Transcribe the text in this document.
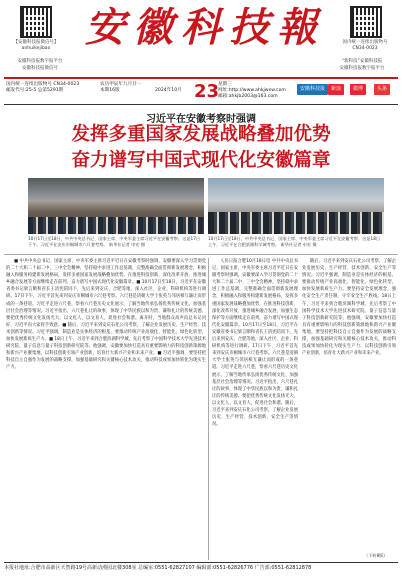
【安徽科技报微信号】
anhuikejibao
安徽科技报数字报平台
安徽科技报微信号
国内统一连续出版物号
CN34-0023
“新科技”安徽科技报
安徽科技报数字报平台
安徽科技報
国内统一连续出版物号 CN34-0023
邮发代号:25-5 总第5291期
农历甲辰年九月廿一
本期16版	2024年10月 23
星期三
网址:http://www.ahkjwxw.com
邮箱:ahkjb2003@163.com
安徽科技报	新浪	微博	头条
习近平在安徽考察时强调
发挥多重国家发展战略叠加优势
奋力谱写中国式现代化安徽篇章
10月17日至18日，中共中央总书记、国家主席、中央军委主席习近平在安徽考察。这是17日下午，习近平在安庆市桐城市六尺巷考察。 新华社记者 申宏 摄
10月17日至18日，中共中央总书记、国家主席、中央军委主席习近平在安徽考察。这是18日上午，习近平在合肥滨湖科学城考察。 新华社记者 申宏 摄

■ 中共中央总书记、国家主席、中央军委主席习近平近日在安徽考察时强调，安徽要深入学习贯彻党的二十大和二十届二中、三中全会精神，坚持稳中求进工作总基调，完整准确全面贯彻新发展理念，积极融入和服务构建新发展格局，发挥多重国家发展战略叠加优势，在推进科技创新、深化改革开放、推进城乡融合发展等方面继续走在前列，奋力谱写中国式现代化安徽篇章。■ 10月17日至18日，习近平在安徽省委书记梁言顺和省长王清宪陪同下，先后来到安庆、合肥等地，深入社区、企业、科研机构等进行调研。17日下午，习近平首先来到安庆市桐城市六尺巷考察。六尺巷是清朝大学士张英与邻居相互谦让而形成的一条巷道。习近平走进六尺巷，察看六尺巷历史文化展示，了解当地传承弘扬优秀传统文化、加强基层社会治理等情况。习近平指出，六尺巷礼让的故事，体现了中华民族以和为贵、谦和礼让的传统美德，要把优秀传统文化发扬光大，以文化人、以文育人，促进社会和谐。离开时，当地群众高声向总书记问好，习近平向大家挥手致意。■ 随后，习近平来到安庆石化公司考察，了解企业发展历史、生产经营、技术创新等情况。习近平强调，制造业是实体经济的根基，要推动传统产业高端化、智能化、绿色化转型，加快发展新质生产力。■ 18日上午，习近平来到合肥滨湖科学城，先后考察了中国科学技术大学先进技术研究院、量子信息与量子科技创新研究院等。他强调，安徽要加快打造具有重要影响力的科技创新策源地和新兴产业聚集地，以科技创新引领产业创新，培育壮大新兴产业和未来产业。■ 习近平强调，要坚持把科技自立自强作为发展的战略支撑，加强基础研究和关键核心技术攻关，推动科技成果加快转化为现实生产力。

人民日报合肥10月18日电 中共中央总书记、国家主席、中央军委主席习近平近日在安徽考察时强调，安徽要深入学习贯彻党的二十大和二十届二中、三中全会精神，坚持稳中求进工作总基调，完整准确全面贯彻新发展理念，积极融入和服务构建新发展格局，发挥多重国家发展战略叠加优势，在推进科技创新、深化改革开放、推进城乡融合发展、加强生态保护等方面继续走在前列，奋力谱写中国式现代化安徽篇章。10月17日至18日，习近平在安徽省委书记梁言顺和省长王清宪陪同下，先后来到安庆、合肥等地，深入社区、企业、科研机构等进行调研。17日下午，习近平首先来到安庆市桐城市六尺巷考察。六尺巷是清朝大学士张英与邻居相互谦让而形成的一条巷道。习近平走进六尺巷，察看六尺巷历史文化展示，了解当地传承弘扬优秀传统文化、加强基层社会治理等情况。习近平指出，六尺巷礼让的故事，体现了中华民族以和为贵、谦和礼让的传统美德。要把优秀传统文化发扬光大，以文化人、以文育人，促进社会和谐。随后，习近平来到安庆石化公司考察，了解企业发展历史、生产经营、技术创新、安全生产等情况。

随后，习近平来到安庆石化公司考察，了解企业发展历史、生产经营、技术创新、安全生产等情况。习近平强调，制造业是实体经济的根基，要推动传统产业高端化、智能化、绿色化转型，加快发展新质生产力。要坚持安全发展理念，强化安全生产责任制，守牢安全生产底线。18日上午，习近平来到合肥滨湖科学城，先后考察了中国科学技术大学先进技术研究院、量子信息与量子科技创新研究院等。他强调，安徽要加快打造具有重要影响力的科技创新策源地和新兴产业聚集地。要坚持把科技自立自强作为发展的战略支撑，加强基础研究和关键核心技术攻关，推动科技成果加快转化为现实生产力，以科技创新引领产业创新，培育壮大新兴产业和未来产业。

（下转8版）
本报社地址:合肥市高新区天智路19号高新动漫园北楼308室 总编室:0551-62827107 编辑部:0551-62826776 广告部:0551-62812878
